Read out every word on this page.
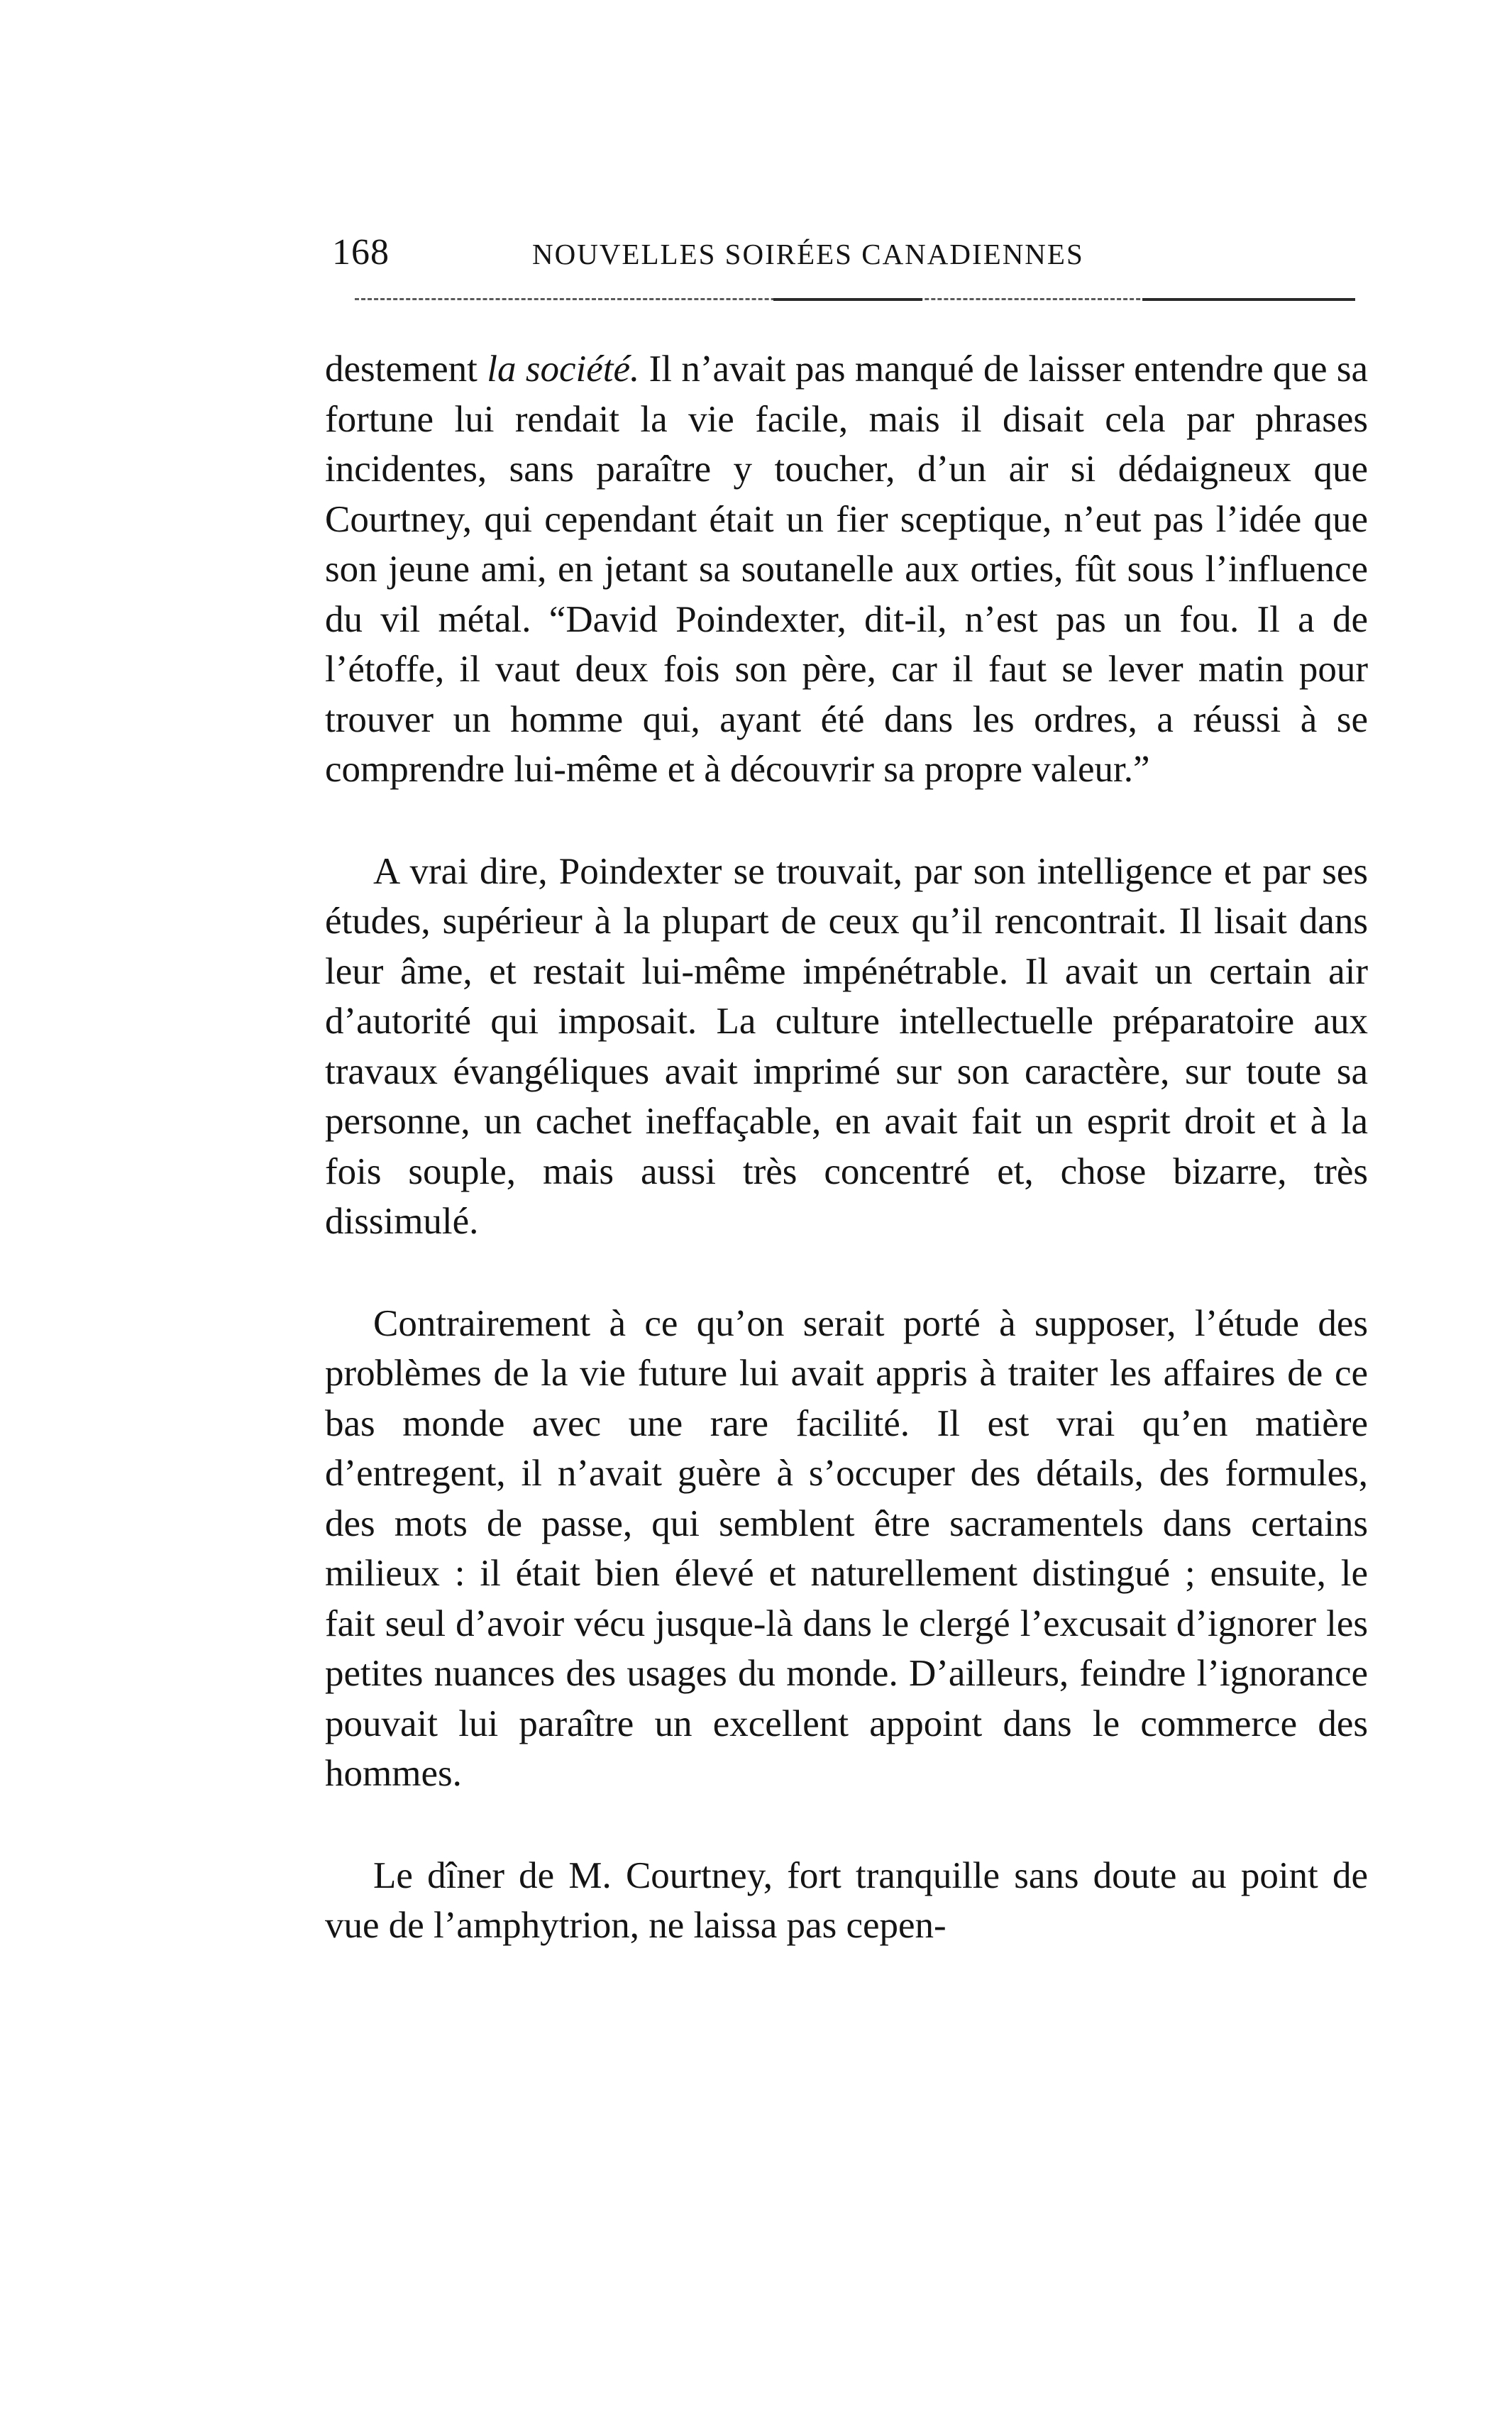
168	NOUVELLES SOIRÉES CANADIENNES

destement la société. Il n’avait pas manqué de laisser entendre que sa fortune lui rendait la vie facile, mais il disait cela par phrases incidentes, sans paraître y toucher, d’un air si dédaigneux que Courtney, qui cependant était un fier sceptique, n’eut pas l’idée que son jeune ami, en jetant sa soutanelle aux orties, fût sous l’influence du vil métal. “David Poindexter, dit-il, n’est pas un fou. Il a de l’étoffe, il vaut deux fois son père, car il faut se lever matin pour trouver un homme qui, ayant été dans les ordres, a réussi à se comprendre lui-même et à découvrir sa propre valeur.”

A vrai dire, Poindexter se trouvait, par son intelligence et par ses études, supérieur à la plupart de ceux qu’il rencontrait. Il lisait dans leur âme, et restait lui-même impénétrable. Il avait un certain air d’autorité qui imposait. La culture intellectuelle préparatoire aux travaux évangéliques avait imprimé sur son caractère, sur toute sa personne, un cachet ineffaçable, en avait fait un esprit droit et à la fois souple, mais aussi très concentré et, chose bizarre, très dissimulé.

Contrairement à ce qu’on serait porté à supposer, l’étude des problèmes de la vie future lui avait appris à traiter les affaires de ce bas monde avec une rare facilité. Il est vrai qu’en matière d’entregent, il n’avait guère à s’occuper des détails, des formules, des mots de passe, qui semblent être sacramentels dans certains milieux : il était bien élevé et naturellement distingué ; ensuite, le fait seul d’avoir vécu jusque-là dans le clergé l’excusait d’ignorer les petites nuances des usages du monde. D’ailleurs, feindre l’ignorance pouvait lui paraître un excellent appoint dans le commerce des hommes.

Le dîner de M. Courtney, fort tranquille sans doute au point de vue de l’amphytrion, ne laissa pas cepen-
